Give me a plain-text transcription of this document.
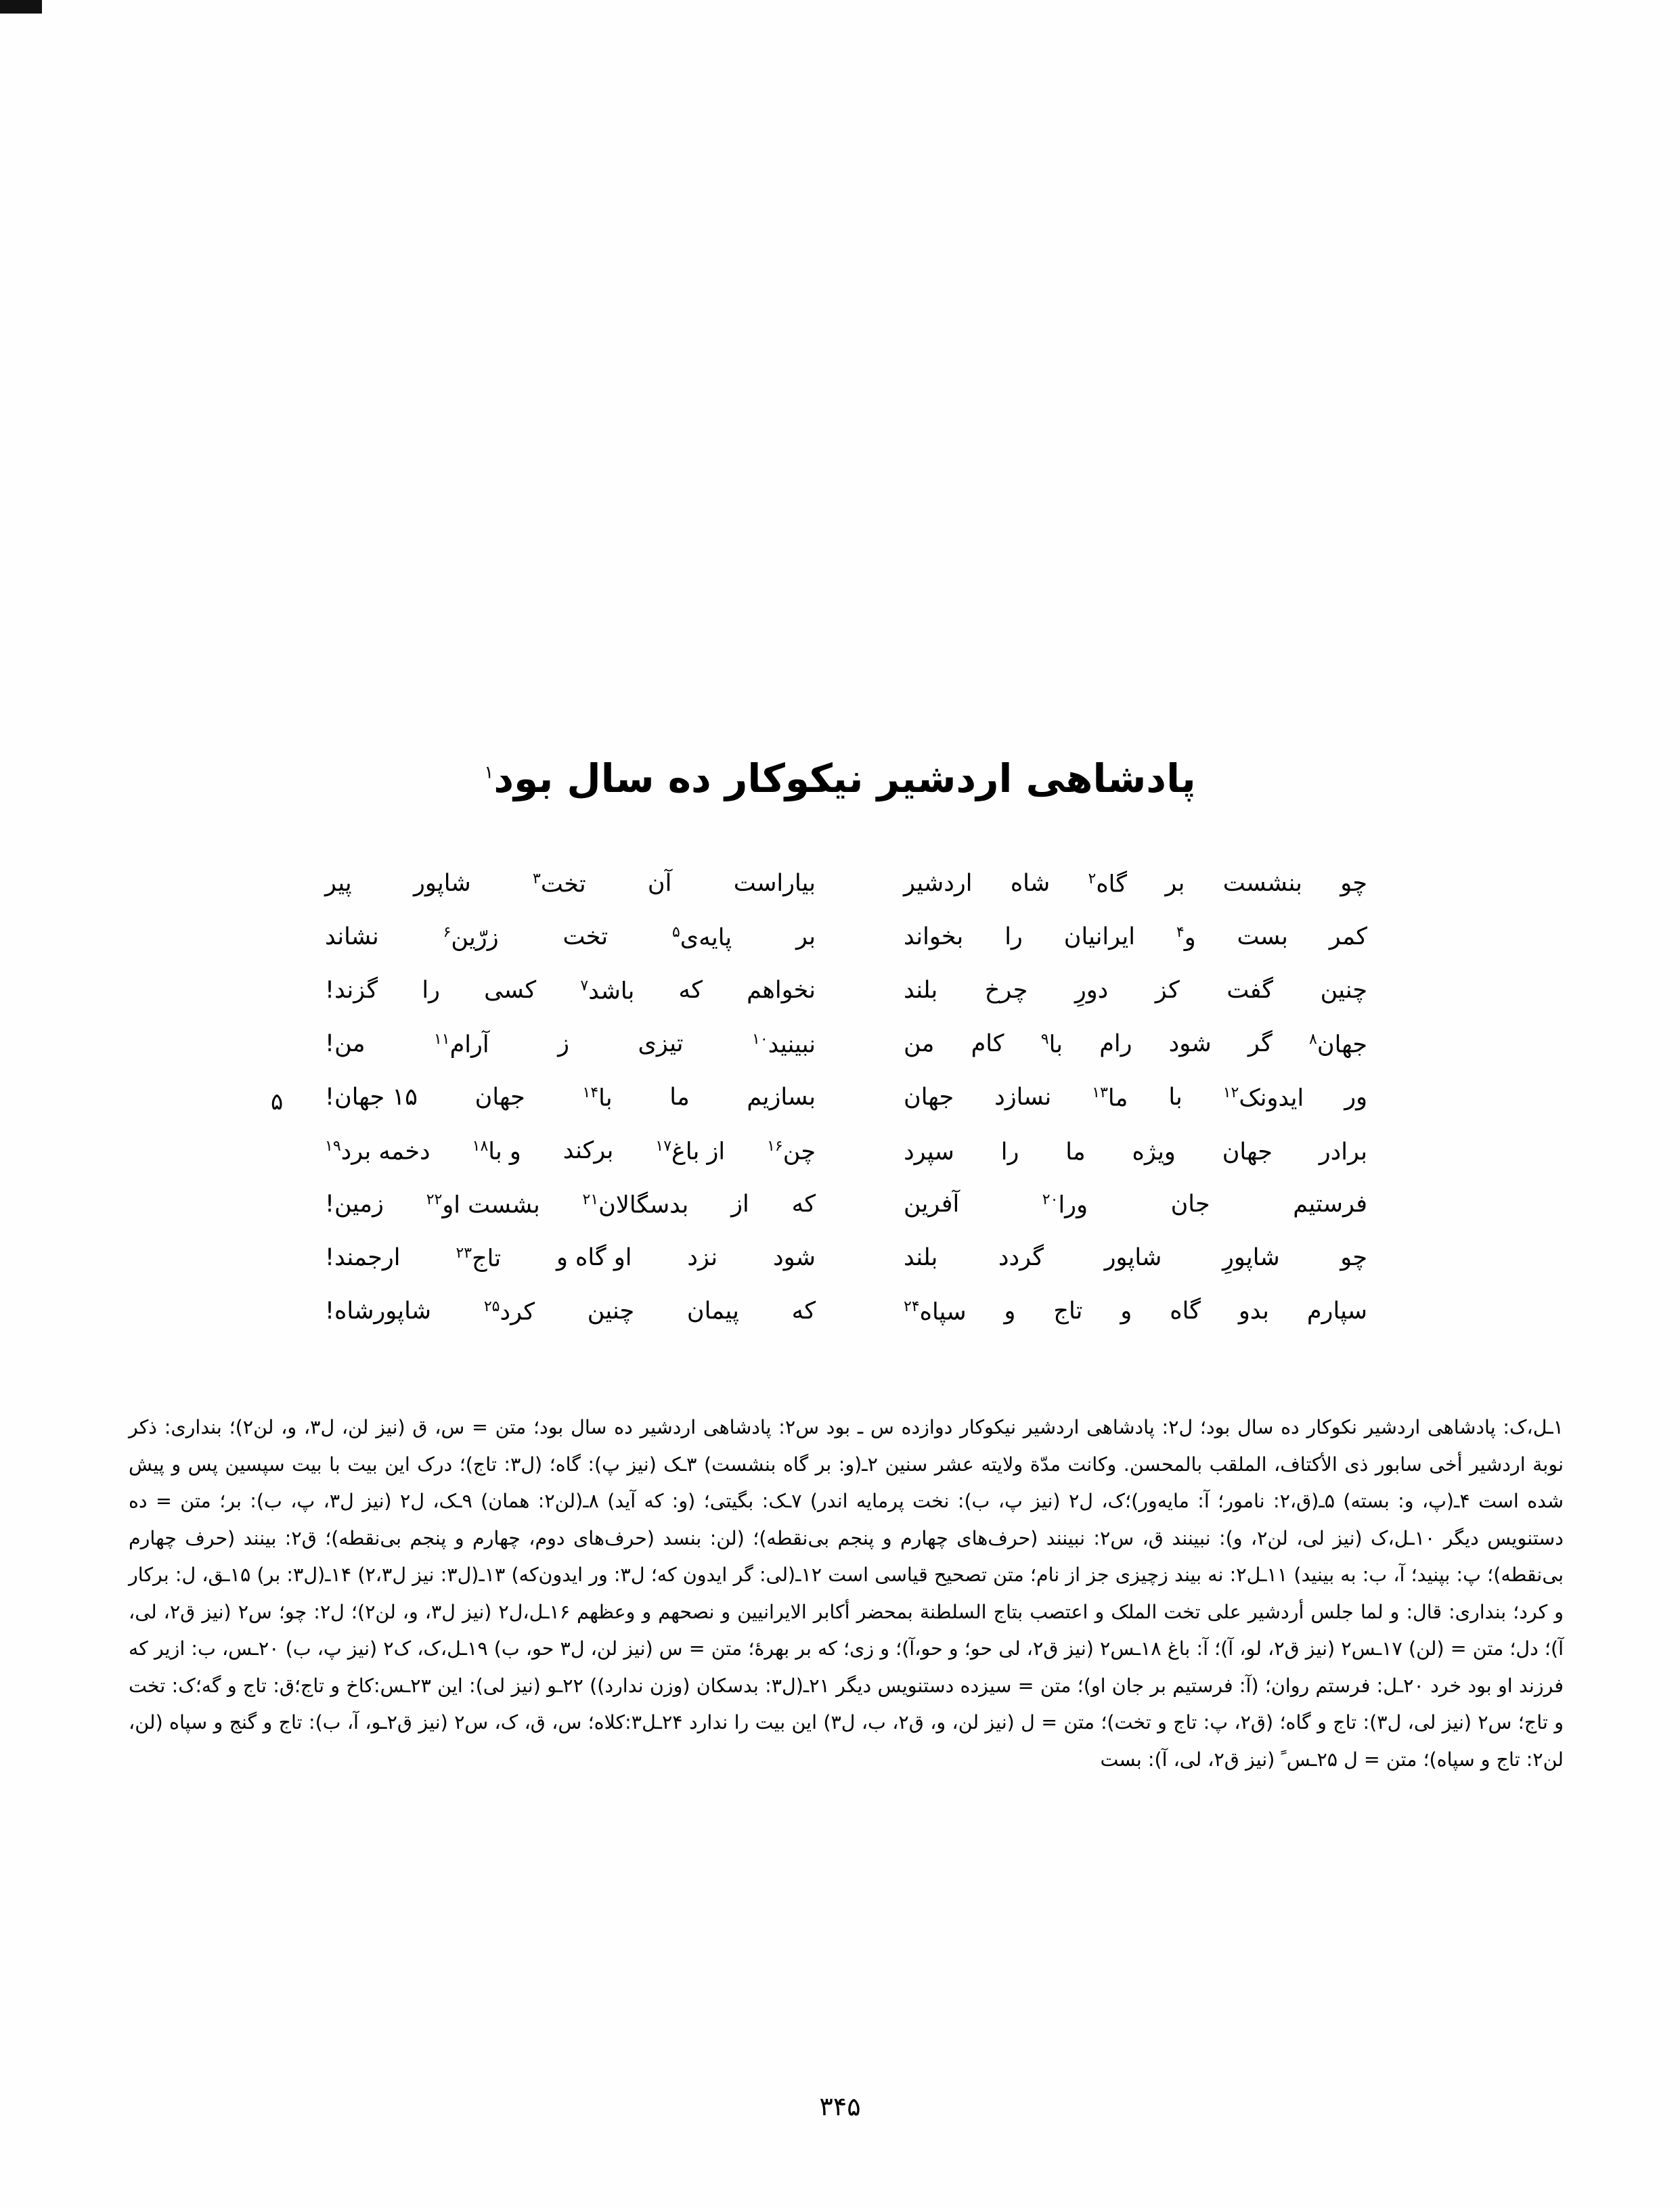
پادشاهی اردشیر نیکوکار ده سال بود$^۱$
چو
بنشست
بر
گاه$^۲$
شاه
اردشیر
بیاراست
آن
تخت$^۳$
شاپور
پیر
کمر
بست
و$^۴$
ایرانیان
را
بخواند
بر
پایه‌ی$^۵$
تخت
زرّین$^۶$
نشاند
چنین
گفت
کز
دورِ
چرخ
بلند
نخواهم
که
باشد$^۷$
کسی
را
گزند!
جهان$^۸$
گر
شود
رام
با$^۹$
کام
من
نبینید$^{۱۰}$
تیزی
ز
آرام$^{۱۱}$
من!
۵	ور
ایدونک$^{۱۲}$
با
ما$^{۱۳}$
نسازد
جهان
بسازیم
ما
با$^{۱۴}$
جهان
۱۵ جهان!
برادر
جهان
ویژه
ما
را
سپرد
چن$^{۱۶}$
از باغ$^{۱۷}$
برکند
و با$^{۱۸}$
دخمه برد$^{۱۹}$
فرستیم
جان
ورا$^{۲۰}$
آفرین
که
از
بدسگالان$^{۲۱}$
بشست او$^{۲۲}$
زمین!
چو
شاپورِ
شاپور
گردد
بلند
شود
نزد
او گاه و
تاج$^{۲۳}$
ارجمند!
سپارم
بدو
گاه
و
تاج
و
سپاه$^{۲۴}$
که
پیمان
چنین
کرد$^{۲۵}$
شاپورشاه!
۱ـل،ک: پادشاهی اردشیر نکوکار ده سال بود؛ ل۲: پادشاهی اردشیر نیکوکار دوازده س ـ بود س۲: پادشاهی اردشیر ده سال بود؛ متن = س، ق (نیز لن، ل۳، و، لن۲)؛ بنداری: ذکر نوبة اردشیر أخی سابور ذی الأكتاف، الملقب بالمحسن. وكانت مدّة ولایته عشر سنین ۲ـ(و: بر گاه بنشست) ۳ـک (نیز پ): گاه؛ (ل۳: تاج)؛ درک این بیت با بیت سپسین پس و پیش شده است ۴ـ(پ، و: بسته) ۵ـ(ق،۲: نامور؛ آ: مایه‌ور)؛ک، ل۲ (نیز پ، ب): نخت پرمایه اندر) ۷ـک: بگیتی؛ (و: که آید) ۸ـ(لن۲: همان) ۹ـک، ل۲ (نیز ل۳، پ، ب): بر؛ متن = ده دستنویس دیگر ۱۰ـل،ک (نیز لی، لن۲، و): نبینند ق، س۲: نبینند (حرف‌های چهارم و پنجم بی‌نقطه)؛ (لن: بنسد (حرف‌های دوم، چهارم و پنجم بی‌نقطه)؛ ق۲: بینند (حرف چهارم بی‌نقطه)؛ پ: بپنید؛ آ، ب: به بینید) ۱۱ـل۲: نه بیند زچیزی جز از نام؛ متن تصحیح قیاسی است ۱۲ـ(لی: گر ایدون که؛ ل۳: ور ایدون‌که) ۱۳ـ(ل۳: نیز ل۲،۳) ۱۴ـ(ل۳: بر) ۱۵ـق، ل: برکار و کرد؛ بنداری: قال: و لما جلس أردشیر علی تخت الملک و اعتصب بتاج السلطنة بمحضر أكابر الایرانیین و نصحهم و وعظهم ۱۶ـل،ل۲ (نیز ل۳، و، لن۲)؛ ل۲: چو؛ س۲ (نیز ق۲، لی، آ)؛ دل؛ متن = (لن) ۱۷ـس۲ (نیز ق۲، لو، آ)؛ آ: باغ ۱۸ـس۲ (نیز ق۲، لی حو؛ و حو،آ)؛ و زی؛ که بر بهرهٔ؛ متن = س (نیز لن، ل۳ حو، ب) ۱۹ـل،ک، ک۲ (نیز پ، ب) ۲۰ـس، ب: ازیر که فرزند او بود خرد ۲۰ـل: فرستم روان؛ (آ: فرستیم بر جان او)؛ متن = سیزده دستنویس دیگر ۲۱ـ(ل۳: بدسکان (وزن ندارد)) ۲۲ـو (نیز لی): این ۲۳ـس:کاخ و تاج؛ق: تاج و گه؛ک: تخت و تاج؛ س۲ (نیز لی، ل۳): تاج و گاه؛ (ق۲، پ: تاج و تخت)؛ متن = ل (نیز لن، و، ق۲، ب، ل۳) این بیت را ندارد ۲۴ـل۳:کلاه؛ س، ق، ک، س۲ (نیز ق۲ـو، آ، ب): تاج و گنج و سپاه (لن، لن۲: تاج و سپاه)؛ متن = ل ۲۵ـس ً (نیز ق۲، لی، آ): بست
۳۴۵
